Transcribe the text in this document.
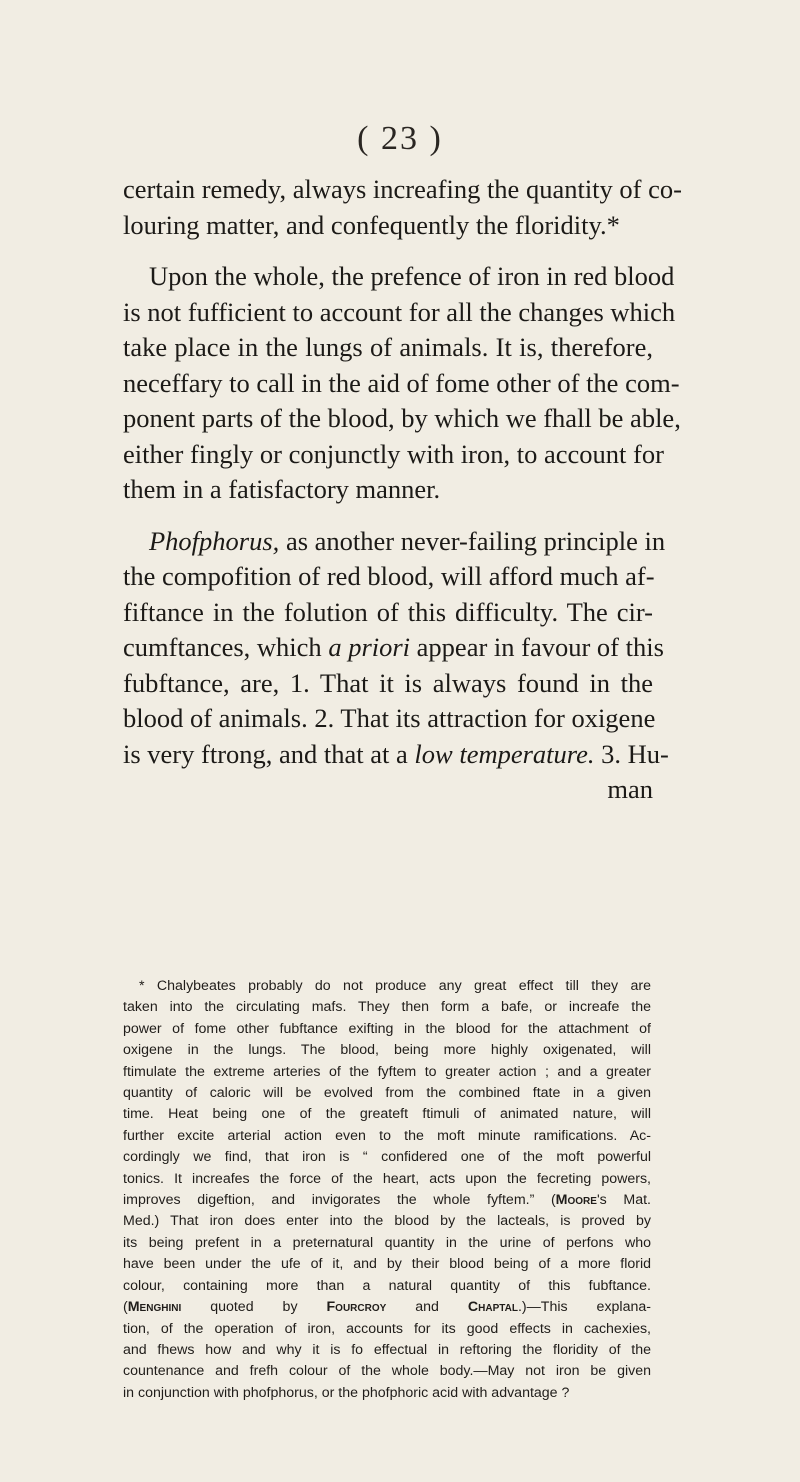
( 23 )
certain remedy, always increafing the quantity of co-
louring matter, and confequently the floridity.*
Upon the whole, the prefence of iron in red blood
is not fufficient to account for all the changes which
take place in the lungs of animals. It is, therefore,
neceffary to call in the aid of fome other of the com-
ponent parts of the blood, by which we fhall be able,
either fingly or conjunctly with iron, to account for
them in a fatisfactory manner.
Phofphorus, as another never-failing principle in
the compofition of red blood, will afford much af-
fiftance in the folution of this difficulty. The cir-
cumftances, which a priori appear in favour of this
fubftance, are, 1. That it is always found in the
blood of animals. 2. That its attraction for oxigene
is very ftrong, and that at a low temperature. 3. Hu-
man
* Chalybeates probably do not produce any great effect till they are
taken into the circulating mafs. They then form a bafe, or increafe the
power of fome other fubftance exifting in the blood for the attachment of
oxigene in the lungs. The blood, being more highly oxigenated, will
ftimulate the extreme arteries of the fyftem to greater action ; and a greater
quantity of caloric will be evolved from the combined ftate in a given
time. Heat being one of the greateft ftimuli of animated nature, will
further excite arterial action even to the moft minute ramifications. Ac-
cordingly we find, that iron is “ confidered one of the moft powerful
tonics. It increafes the force of the heart, acts upon the fecreting powers,
improves digeftion, and invigorates the whole fyftem.” (Moore's Mat.
Med.) That iron does enter into the blood by the lacteals, is proved by
its being prefent in a preternatural quantity in the urine of perfons who
have been under the ufe of it, and by their blood being of a more florid
colour, containing more than a natural quantity of this fubftance.
(Menghini quoted by Fourcroy and Chaptal.)—This explana-
tion, of the operation of iron, accounts for its good effects in cachexies,
and fhews how and why it is fo effectual in reftoring the floridity of the
countenance and frefh colour of the whole body.—May not iron be given
in conjunction with phofphorus, or the phofphoric acid with advantage ?
